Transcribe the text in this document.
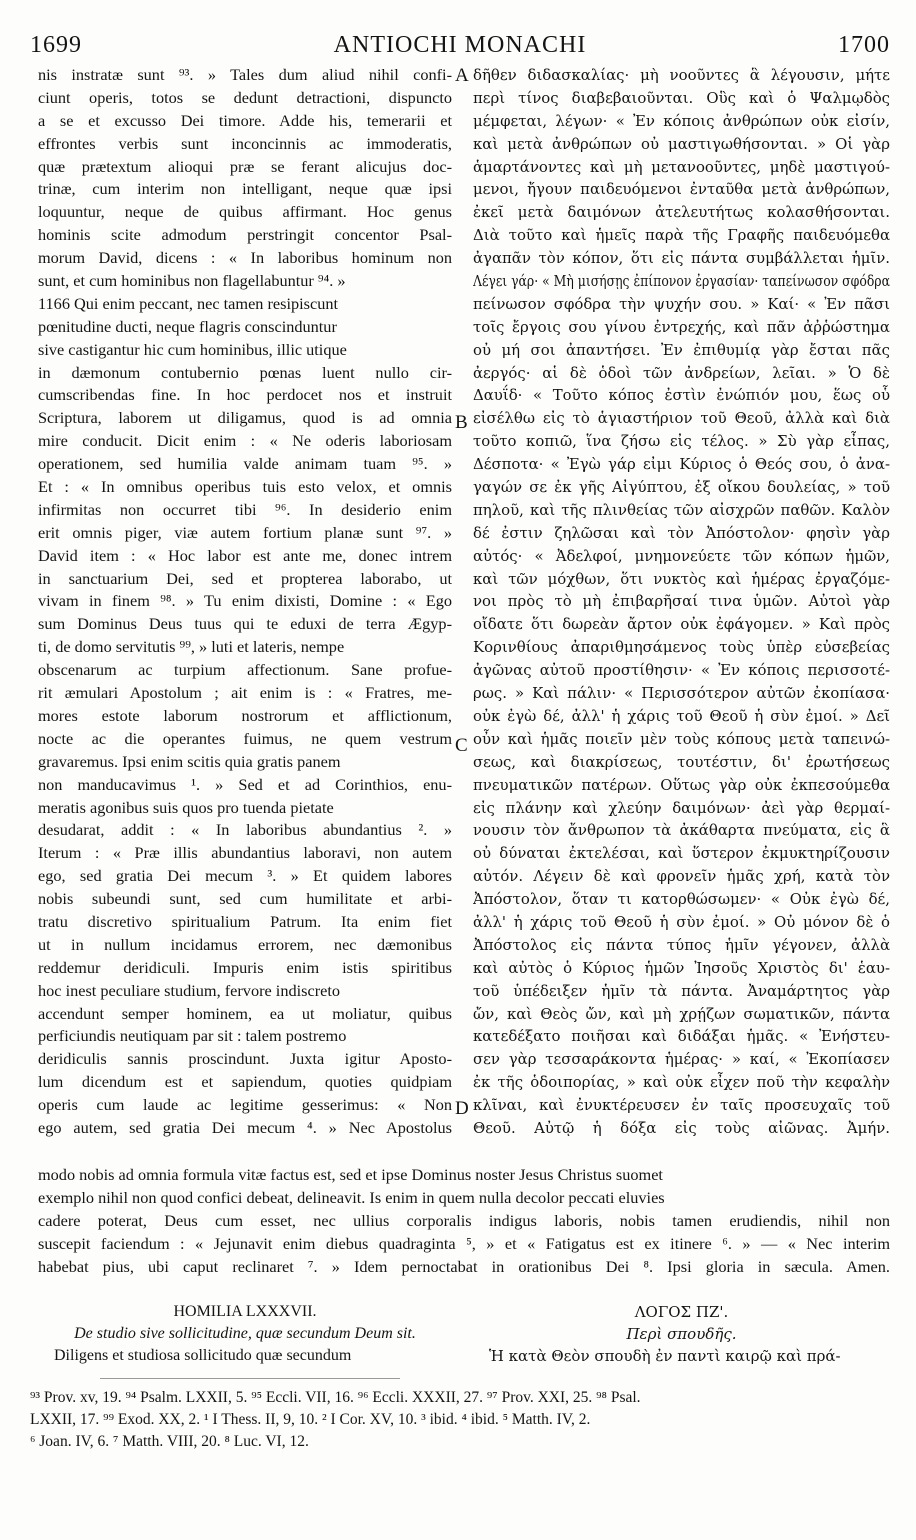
1699	ANTIOCHI MONACHI	1700
nis instratæ sunt ⁹³. » Tales dum aliud nihil confi-
ciunt operis, totos se dedunt detractioni, dispuncto
a se et excusso Dei timore. Adde his, temerarii et
effrontes verbis sunt inconcinnis ac immoderatis,
quæ prætextum alioqui præ se ferant alicujus doc-
trinæ, cum interim non intelligant, neque quæ ipsi
loquuntur, neque de quibus affirmant. Hoc genus
hominis scite admodum perstringit concentor Psal-
morum David, dicens : « In laboribus hominum non
sunt, et cum hominibus non flagellabuntur ⁹⁴. »
1166 Qui enim peccant, nec tamen resipiscunt
pœnitudine ducti, neque flagris conscinduntur
sive castigantur hic cum hominibus, illic utique
in dæmonum contubernio pœnas luent nullo cir-
cumscribendas fine. In hoc perdocet nos et instruit
Scriptura, laborem ut diligamus, quod is ad omnia
mire conducit. Dicit enim : « Ne oderis laboriosam
operationem, sed humilia valde animam tuam ⁹⁵. »
Et : « In omnibus operibus tuis esto velox, et omnis
infirmitas non occurret tibi ⁹⁶. In desiderio enim
erit omnis piger, viæ autem fortium planæ sunt ⁹⁷. »
David item : « Hoc labor est ante me, donec intrem
in sanctuarium Dei, sed et propterea laborabo, ut
vivam in finem ⁹⁸. » Tu enim dixisti, Domine : « Ego
sum Dominus Deus tuus qui te eduxi de terra Ægyp-
ti, de domo servitutis ⁹⁹, » luti et lateris, nempe
obscenarum ac turpium affectionum. Sane profue-
rit æmulari Apostolum ; ait enim is : « Fratres, me-
mores estote laborum nostrorum et afflictionum,
nocte ac die operantes fuimus, ne quem vestrum
gravaremus. Ipsi enim scitis quia gratis panem
non manducavimus ¹. » Sed et ad Corinthios, enu-
meratis agonibus suis quos pro tuenda pietate
desudarat, addit : « In laboribus abundantius ². »
Iterum : « Præ illis abundantius laboravi, non autem
ego, sed gratia Dei mecum ³. » Et quidem labores
nobis subeundi sunt, sed cum humilitate et arbi-
tratu discretivo spiritualium Patrum. Ita enim fiet
ut in nullum incidamus errorem, nec dæmonibus
reddemur deridiculi. Impuris enim istis spiritibus
hoc inest peculiare studium, fervore indiscreto
accendunt semper hominem, ea ut moliatur, quibus
perficiundis neutiquam par sit : talem postremo
deridiculis sannis proscindunt. Juxta igitur Aposto-
lum dicendum est et sapiendum, quoties quidpiam
operis cum laude ac legitime gesserimus: « Non
ego autem, sed gratia Dei mecum ⁴. » Nec Apostolus
δῆθεν διδασκαλίας· μὴ νοοῦντες ἃ λέγουσιν, μήτε
περὶ τίνος διαβεβαιοῦνται. Οὓς καὶ ὁ Ψαλμῳδὸς
μέμφεται, λέγων· « Ἐν κόποις ἀνθρώπων οὐκ εἰσίν,
καὶ μετὰ ἀνθρώπων οὐ μαστιγωθήσονται. » Οἱ γὰρ
ἁμαρτάνοντες καὶ μὴ μετανοοῦντες, μηδὲ μαστιγού-
μενοι, ἤγουν παιδευόμενοι ἐνταῦθα μετὰ ἀνθρώπων,
ἐκεῖ μετὰ δαιμόνων ἀτελευτήτως κολασθήσονται.
Διὰ τοῦτο καὶ ἡμεῖς παρὰ τῆς Γραφῆς παιδευόμεθα
ἀγαπᾶν τὸν κόπον, ὅτι εἰς πάντα συμβάλλεται ἡμῖν.
Λέγει γάρ· « Μὴ μισήσῃς ἐπίπονον ἐργασίαν· ταπείνωσον σφόδρα
πείνωσον σφόδρα τὴν ψυχήν σου. » Καί· « Ἐν πᾶσι
τοῖς ἔργοις σου γίνου ἐντρεχής, καὶ πᾶν ἀῤῥώστημα
οὐ μή σοι ἀπαντήσει. Ἐν ἐπιθυμίᾳ γὰρ ἔσται πᾶς
ἀεργός· αἱ δὲ ὁδοὶ τῶν ἀνδρείων, λεῖαι. » Ὁ δὲ
Δαυΐδ· « Τοῦτο κόπος ἐστὶν ἐνώπιόν μου, ἕως οὗ
εἰσέλθω εἰς τὸ ἁγιαστήριον τοῦ Θεοῦ, ἀλλὰ καὶ διὰ
τοῦτο κοπιῶ, ἵνα ζήσω εἰς τέλος. » Σὺ γὰρ εἶπας,
Δέσποτα· « Ἐγὼ γάρ εἰμι Κύριος ὁ Θεός σου, ὁ ἀνα-
γαγών σε ἐκ γῆς Αἰγύπτου, ἐξ οἴκου δουλείας, » τοῦ
πηλοῦ, καὶ τῆς πλινθείας τῶν αἰσχρῶν παθῶν. Καλὸν
δέ ἐστιν ζηλῶσαι καὶ τὸν Ἀπόστολον· φησὶν γὰρ
αὐτός· « Ἀδελφοί, μνημονεύετε τῶν κόπων ἡμῶν,
καὶ τῶν μόχθων, ὅτι νυκτὸς καὶ ἡμέρας ἐργαζόμε-
νοι πρὸς τὸ μὴ ἐπιβαρῆσαί τινα ὑμῶν. Αὐτοὶ γὰρ
οἴδατε ὅτι δωρεὰν ἄρτον οὐκ ἐφάγομεν. » Καὶ πρὸς
Κορινθίους ἀπαριθμησάμενος τοὺς ὑπὲρ εὐσεβείας
ἀγῶνας αὐτοῦ προστίθησιν· « Ἐν κόποις περισσοτέ-
ρως. » Καὶ πάλιν· « Περισσότερον αὐτῶν ἐκοπίασα·
οὐκ ἐγὼ δέ, ἀλλ' ἡ χάρις τοῦ Θεοῦ ἡ σὺν ἐμοί. » Δεῖ
οὖν καὶ ἡμᾶς ποιεῖν μὲν τοὺς κόπους μετὰ ταπεινώ-
σεως, καὶ διακρίσεως, τουτέστιν, δι' ἐρωτήσεως
πνευματικῶν πατέρων. Οὕτως γὰρ οὐκ ἐκπεσούμεθα
εἰς πλάνην καὶ χλεύην δαιμόνων· ἀεὶ γὰρ θερμαί-
νουσιν τὸν ἄνθρωπον τὰ ἀκάθαρτα πνεύματα, εἰς ἃ
οὐ δύναται ἐκτελέσαι, καὶ ὕστερον ἐκμυκτηρίζουσιν
αὐτόν. Λέγειν δὲ καὶ φρονεῖν ἡμᾶς χρή, κατὰ τὸν
Ἀπόστολον, ὅταν τι κατορθώσωμεν· « Οὐκ ἐγὼ δέ,
ἀλλ' ἡ χάρις τοῦ Θεοῦ ἡ σὺν ἐμοί. » Οὐ μόνον δὲ ὁ
Ἀπόστολος εἰς πάντα τύπος ἡμῖν γέγονεν, ἀλλὰ
καὶ αὐτὸς ὁ Κύριος ἡμῶν Ἰησοῦς Χριστὸς δι' ἑαυ-
τοῦ ὑπέδειξεν ἡμῖν τὰ πάντα. Ἀναμάρτητος γὰρ
ὤν, καὶ Θεὸς ὤν, καὶ μὴ χρῄζων σωματικῶν, πάντα
κατεδέξατο ποιῆσαι καὶ διδάξαι ἡμᾶς. « Ἐνήστευ-
σεν γὰρ τεσσαράκοντα ἡμέρας· » καί, « Ἐκοπίασεν
ἐκ τῆς ὁδοιπορίας, » καὶ οὐκ εἶχεν ποῦ τὴν κεφαλὴν
κλῖναι, καὶ ἐνυκτέρευσεν ἐν ταῖς προσευχαῖς τοῦ
Θεοῦ. Αὐτῷ ἡ δόξα εἰς τοὺς αἰῶνας. Ἀμήν.
A
B
C
D
modo nobis ad omnia formula vitæ factus est, sed et ipse Dominus noster Jesus Christus suomet
exemplo nihil non quod confici debeat, delineavit. Is enim in quem nulla decolor peccati eluvies
cadere poterat, Deus cum esset, nec ullius corporalis indigus laboris, nobis tamen erudiendis, nihil non
suscepit faciendum : « Jejunavit enim diebus quadraginta ⁵, » et « Fatigatus est ex itinere ⁶. » — « Nec interim
habebat pius, ubi caput reclinaret ⁷. » Idem pernoctabat in orationibus Dei ⁸. Ipsi gloria in sæcula. Amen.
HOMILIA LXXXVII.
De studio sive sollicitudine, quæ secundum Deum sit.
Diligens et studiosa sollicitudo quæ secundum
ΛΟΓΟΣ ΠΖ'.
Περὶ σπουδῆς.
Ἡ κατὰ Θεὸν σπουδὴ ἐν παντὶ καιρῷ καὶ πρά-
⁹³ Prov. xv, 19. ⁹⁴ Psalm. LXXII, 5. ⁹⁵ Eccli. VII, 16. ⁹⁶ Eccli. XXXII, 27. ⁹⁷ Prov. XXI, 25. ⁹⁸ Psal.
LXXII, 17. ⁹⁹ Exod. XX, 2. ¹ I Thess. II, 9, 10. ² I Cor. XV, 10. ³ ibid. ⁴ ibid. ⁵ Matth. IV, 2.
⁶ Joan. IV, 6. ⁷ Matth. VIII, 20. ⁸ Luc. VI, 12.
